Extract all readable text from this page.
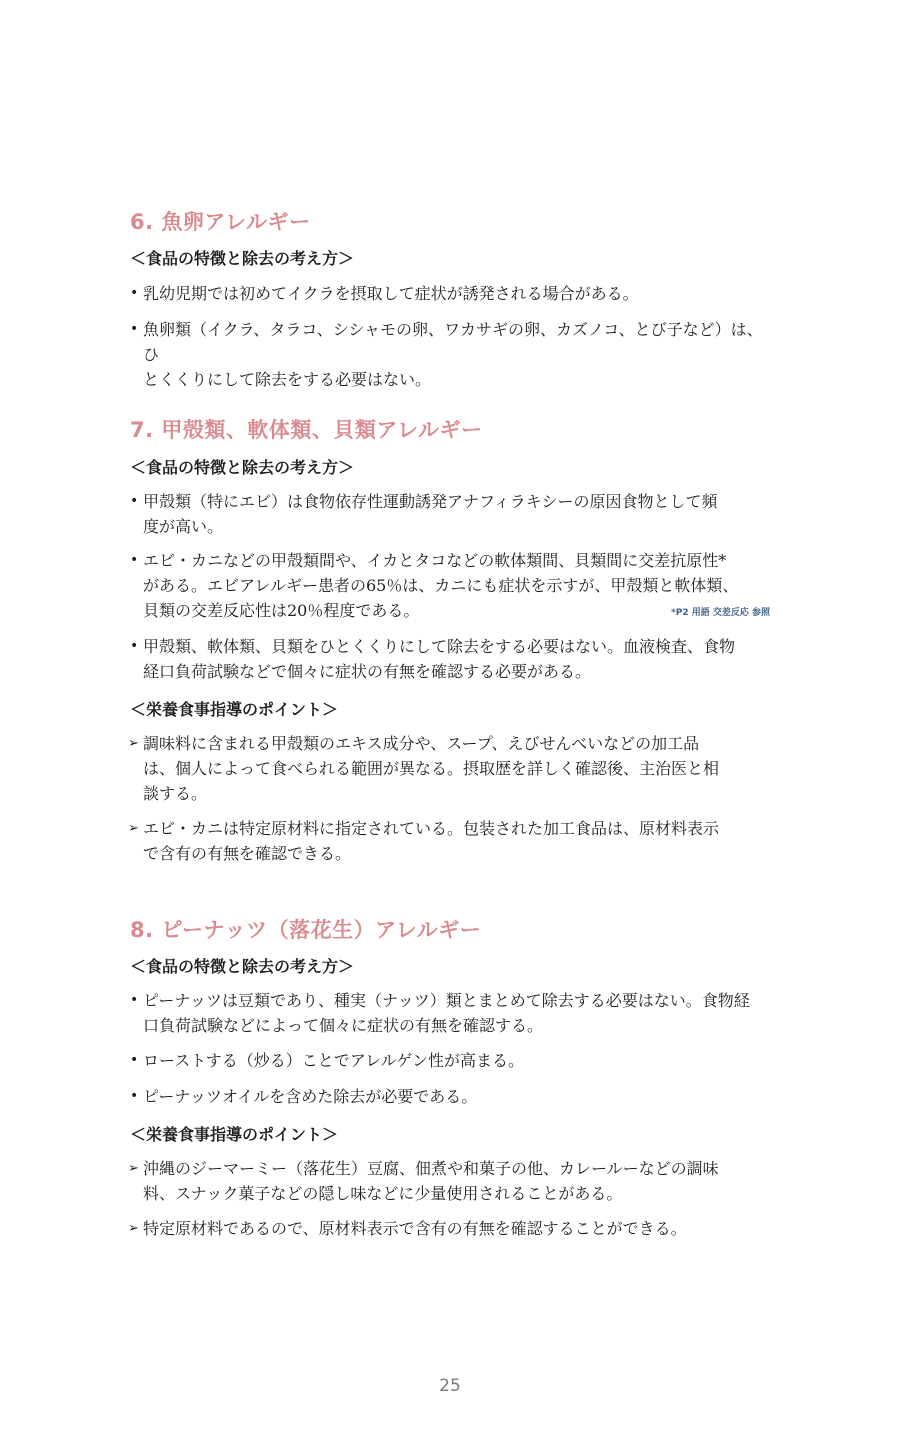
6. 魚卵アレルギー
＜食品の特徴と除去の考え方＞
• 乳幼児期では初めてイクラを摂取して症状が誘発される場合がある。
• 魚卵類（イクラ、タラコ、シシャモの卵、ワカサギの卵、カズノコ、とび子など）は、ひ
とくくりにして除去をする必要はない。
7. 甲殻類、軟体類、貝類アレルギー
＜食品の特徴と除去の考え方＞
• 甲殻類（特にエビ）は食物依存性運動誘発アナフィラキシーの原因食物として頻
度が高い。
• エビ・カニなどの甲殻類間や、イカとタコなどの軟体類間、貝類間に交差抗原性*
がある。エビアレルギー患者の65％は、カニにも症状を示すが、甲殻類と軟体類、
貝類の交差反応性は20％程度である。	*P2 用語 交差反応 参照
• 甲殻類、軟体類、貝類をひとくくりにして除去をする必要はない。血液検査、食物
経口負荷試験などで個々に症状の有無を確認する必要がある。
＜栄養食事指導のポイント＞
➢ 調味料に含まれる甲殻類のエキス成分や、スープ、えびせんべいなどの加工品
は、個人によって食べられる範囲が異なる。摂取歴を詳しく確認後、主治医と相
談する。
➢ エビ・カニは特定原材料に指定されている。包装された加工食品は、原材料表示
で含有の有無を確認できる。
8. ピーナッツ（落花生）アレルギー
＜食品の特徴と除去の考え方＞
• ピーナッツは豆類であり、種実（ナッツ）類とまとめて除去する必要はない。食物経
口負荷試験などによって個々に症状の有無を確認する。
• ローストする（炒る）ことでアレルゲン性が高まる。
• ピーナッツオイルを含めた除去が必要である。
＜栄養食事指導のポイント＞
➢ 沖縄のジーマーミー（落花生）豆腐、佃煮や和菓子の他、カレールーなどの調味
料、スナック菓子などの隠し味などに少量使用されることがある。
➢ 特定原材料であるので、原材料表示で含有の有無を確認することができる。
25
